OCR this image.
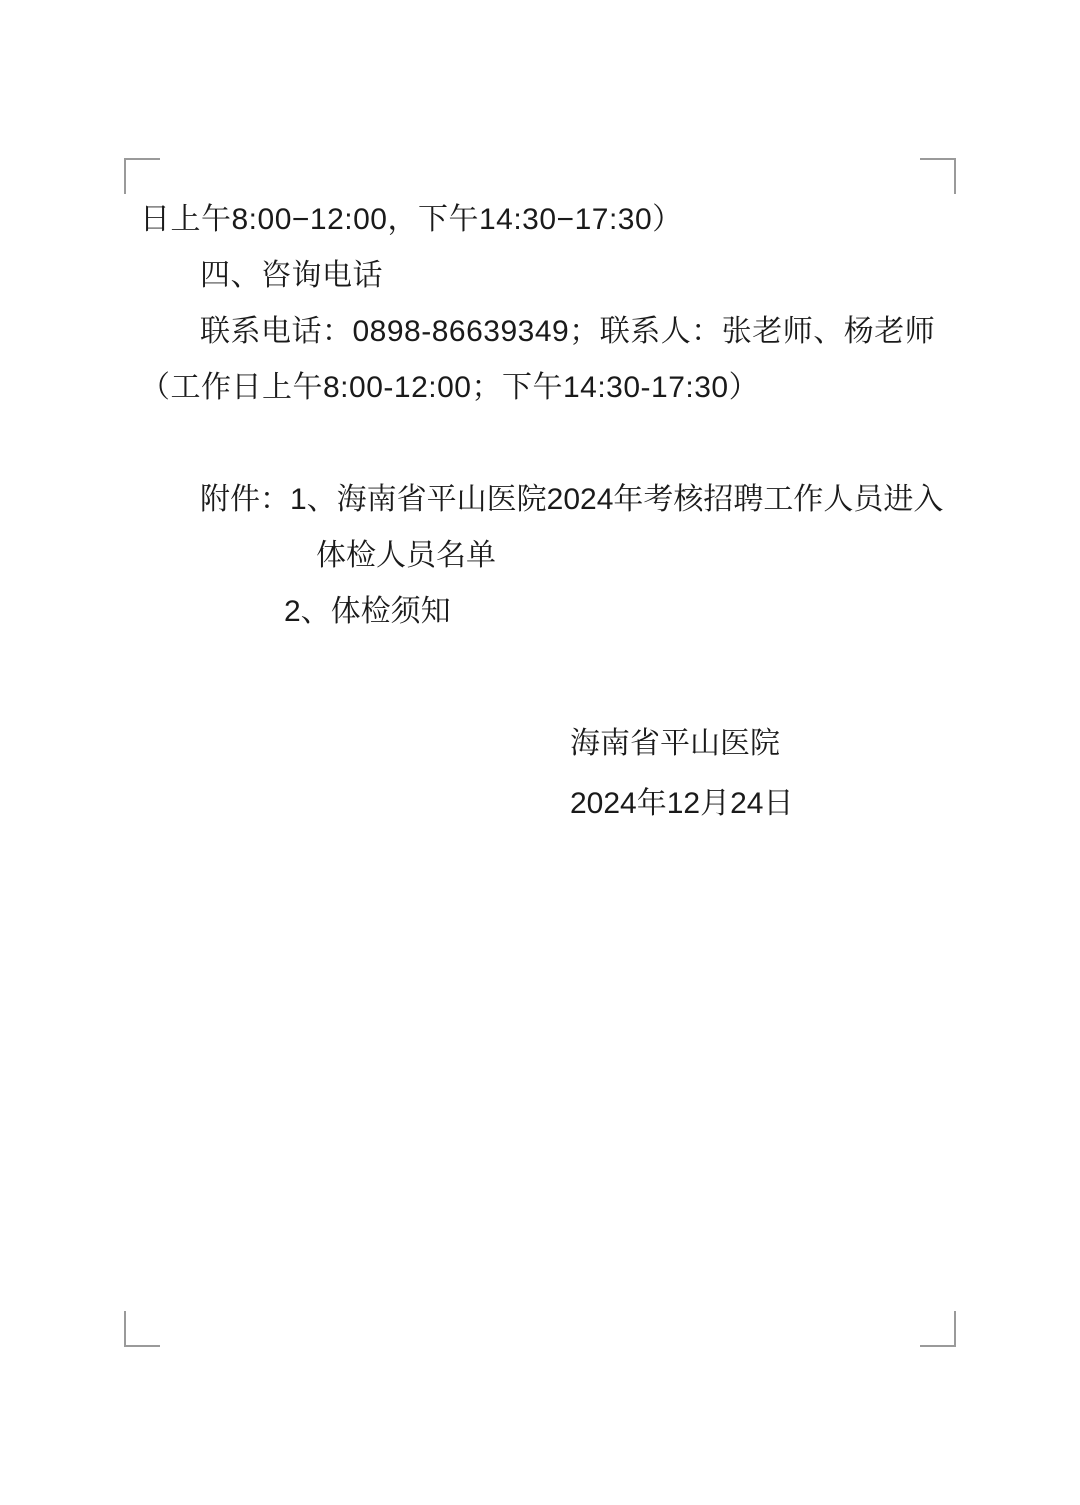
日上午8:00−12:00，下午14:30−17:30）

四、咨询电话

联系电话：0898-86639349；联系人：张老师、杨老师（工作日上午8:00-12:00；下午14:30-17:30）

附件：1、海南省平山医院2024年考核招聘工作人员进入

体检人员名单

2、体检须知

海南省平山医院
2024年12月24日
